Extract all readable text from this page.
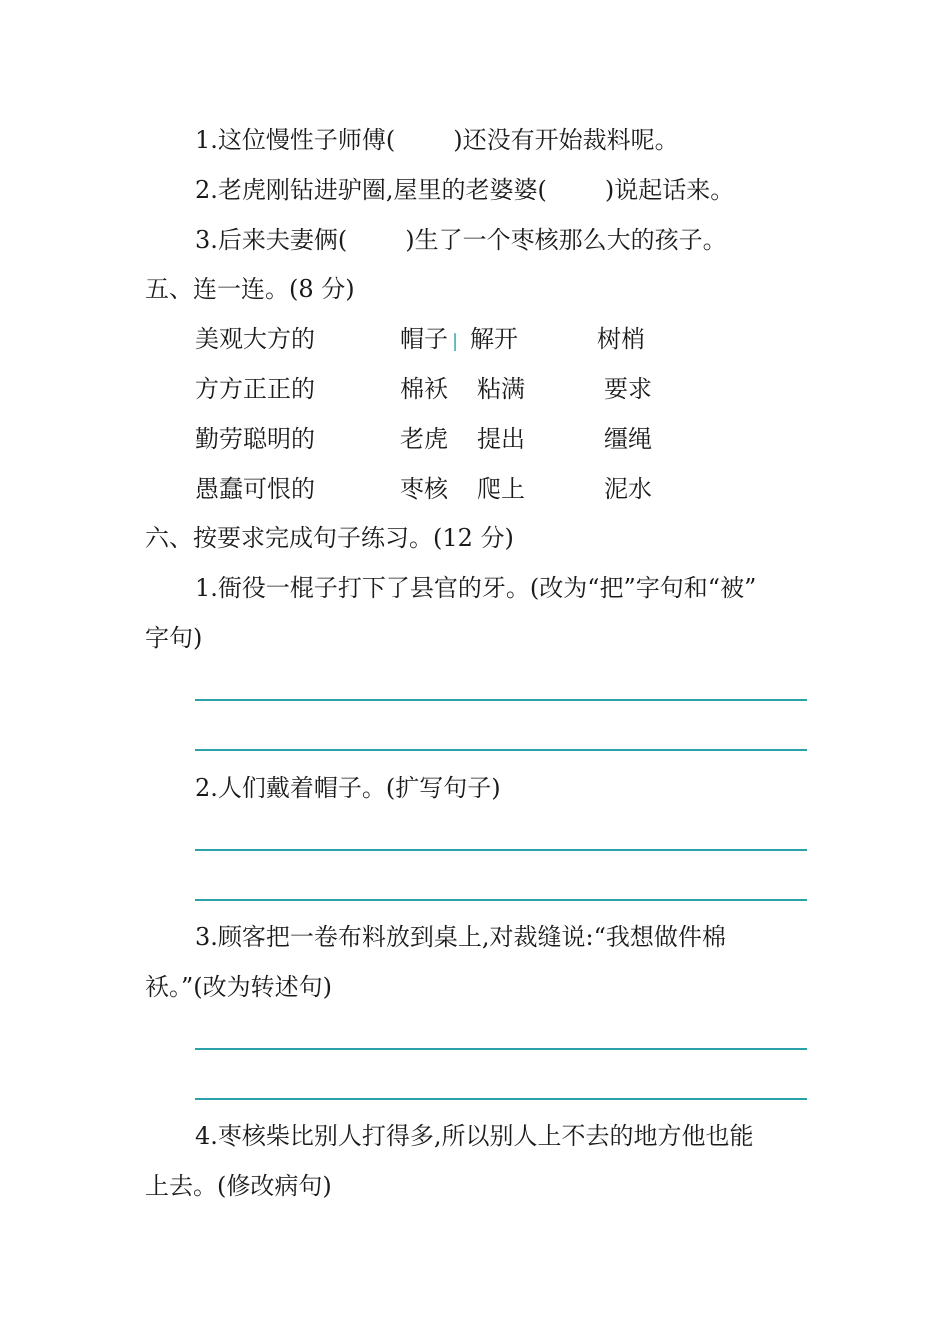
1.这位慢性子师傅( )还没有开始裁料呢。
2.老虎刚钻进驴圈,屋里的老婆婆( )说起话来。
3.后来夫妻俩( )生了一个枣核那么大的孩子。
五、连一连。(8 分)
美观大方的
方方正正的
勤劳聪明的
愚蠢可恨的
帽子 |
棉袄
老虎
枣核
解开
粘满
提出
爬上
树梢
要求
缰绳
泥水
六、按要求完成句子练习。(12 分)
1.衙役一棍子打下了县官的牙。(改为“把”字句和“被”
字句)
2.人们戴着帽子。(扩写句子)
3.顾客把一卷布料放到桌上,对裁缝说:“我想做件棉
袄。”(改为转述句)
4.枣核柴比别人打得多,所以别人上不去的地方他也能
上去。(修改病句)
